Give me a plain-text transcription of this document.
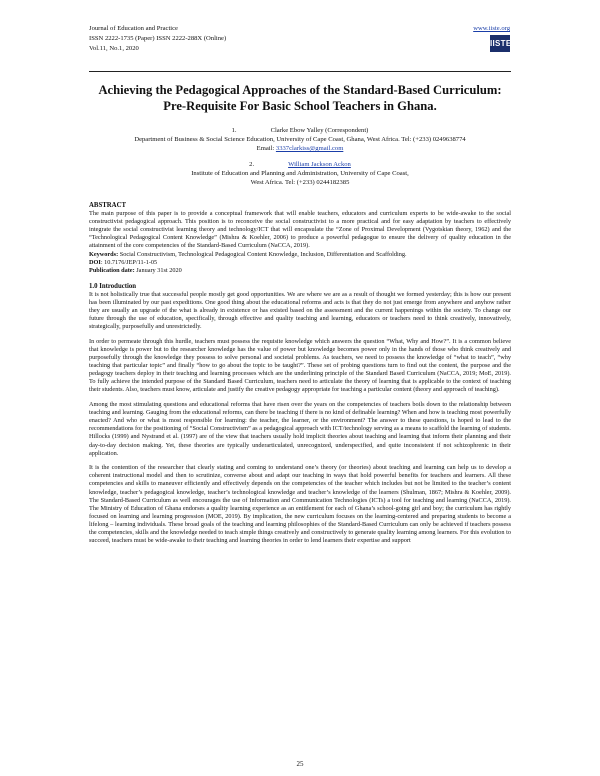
Journal of Education and Practice
ISSN 2222-1735 (Paper) ISSN 2222-288X (Online)
Vol.11, No.1, 2020
www.iiste.org
IISTE
Achieving the Pedagogical Approaches of the Standard-Based Curriculum: Pre-Requisite For Basic School Teachers in Ghana.
1.	Clarke Ebow Yalley (Correspondent)
Department of Business & Social Science Education, University of Cape Coast, Ghana, West Africa. Tel: (+233) 0249638774
Email: 3337clarkiss@gmail.com
2.	William Jackson Ackon
Institute of Education and Planning and Administration, University of Cape Coast,
West Africa. Tel: (+233) 0244182385

ABSTRACT

The main purpose of this paper is to provide a conceptual framework that will enable teachers, educators and curriculum experts to be wide-awake to the social constructivist pedagogical approach. This position is to reconceive the social constructivist to a more practical and for easy adaptation by teachers to effectively integrate the social constructivist learning theory and technology/ICT that will encapsulate the “Zone of Proximal Development (Vygotskian theory, 1962) and the “Technological Pedagogical Content Knowledge” (Mishra & Koehler, 2006) to produce a powerful pedagogue to ensure the delivery of quality education in the attainment of the core competencies of the Standard-Based Curriculum (NaCCA, 2019).

Keywords: Social Constructivism, Technological Pedagogical Content Knowledge, Inclusion, Differentiation and Scaffolding.

DOI: 10.7176/JEP/11-1-05

Publication date: January 31st 2020

1.0 Introduction

It is not holistically true that successful people mostly get good opportunities. We are where we are as a result of thought we formed yesterday; this is how our present has been illuminated by our past expeditions. One good thing about the educational reforms and acts is that they do not just emerge from anywhere and anyhow rather they are usually an upgrade of the what is already in existence or has existed based on the assessment and the current happenings within the society. To change our future through the use of education, specifically, through effective and quality teaching and learning, educators or teachers need to think creatively, innovatively, strategically, purposefully and unrestrictedly.

In order to permeate through this hurdle, teachers must possess the requisite knowledge which answers the question “What, Why and How?”. It is a common believe that knowledge is power but to the researcher knowledge has the value of power but knowledge becomes power only in the hands of those who think creatively and purposefully through the knowledge they possess to solve personal and societal problems. As teachers, we need to possess the knowledge of “what to teach”, “why teaching that particular topic” and finally “how to go about the topic to be taught?”. These set of probing questions turn to find out the content, the purpose and the pedagogy teachers deploy in their teaching and learning processes which are the underlining principle of the Standard Based Curriculum (NaCCA, 2019; MoE, 2019). To fully achieve the intended purpose of the Standard Based Curriculum, teachers need to articulate the theory of learning that is applicable to the context of teaching their students. Also, teachers must know, articulate and justify the creative pedagogy appropriate for teaching a particular content (theory and approach of teaching).

Among the most stimulating questions and educational reforms that have risen over the years on the competencies of teachers boils down to the relationship between teaching and learning. Gauging from the educational reforms, can there be teaching if there is no kind of definable learning? When and how is teaching most powerfully enacted? And who or what is most responsible for learning: the teacher, the learner, or the environment? The answer to these questions, is hoped to lead to the recommendations for the positioning of “Social Constructivism” as a pedagogical approach with ICT/technology serving as a means to scaffold the learning of students. Hillocks (1999) and Nystrand et al. (1997) are of the view that teachers usually hold implicit theories about teaching and learning that inform their planning and their day-to-day decision making. Yet, these theories are typically underarticulated, unrecognized, underspecified, and quite inconsistent if not schizophrenic in their application.

It is the contention of the researcher that clearly stating and coming to understand one’s theory (or theories) about teaching and learning can help us to develop a coherent instructional model and then to scrutinize, converse about and adapt our teaching in ways that hold powerful benefits for teachers and learners. All these competencies and skills to maneuver efficiently and effectively depends on the competencies of the teacher which includes but not be limited to the teacher’s content knowledge, teacher’s pedagogical knowledge, teacher’s technological knowledge and teacher’s knowledge of the learners (Shulman, 1867; Mishra & Koehler, 2009). The Standard-Based Curriculum as well encourages the use of Information and Communication Technologies (ICTs) a tool for teaching and learning (NaCCA, 2019). The Ministry of Education of Ghana endorses a quality learning experience as an entitlement for each of Ghana’s school-going girl and boy; the curriculum has rightly focused on learning and learning progression (MOE, 2019). By implication, the new curriculum focuses on the learning-centered and preparing students to become a lifelong – learning individuals. These broad goals of the teaching and learning philosophies of the Standard-Based Curriculum can only be achieved if teachers possess the competencies, skills and the knowledge needed to teach simple things creatively and constructively to generate quality learning among learners. For this evolution to succeed, teachers must be wide-awake to their teaching and learning theories in order to lend learners their expertise and support

25
